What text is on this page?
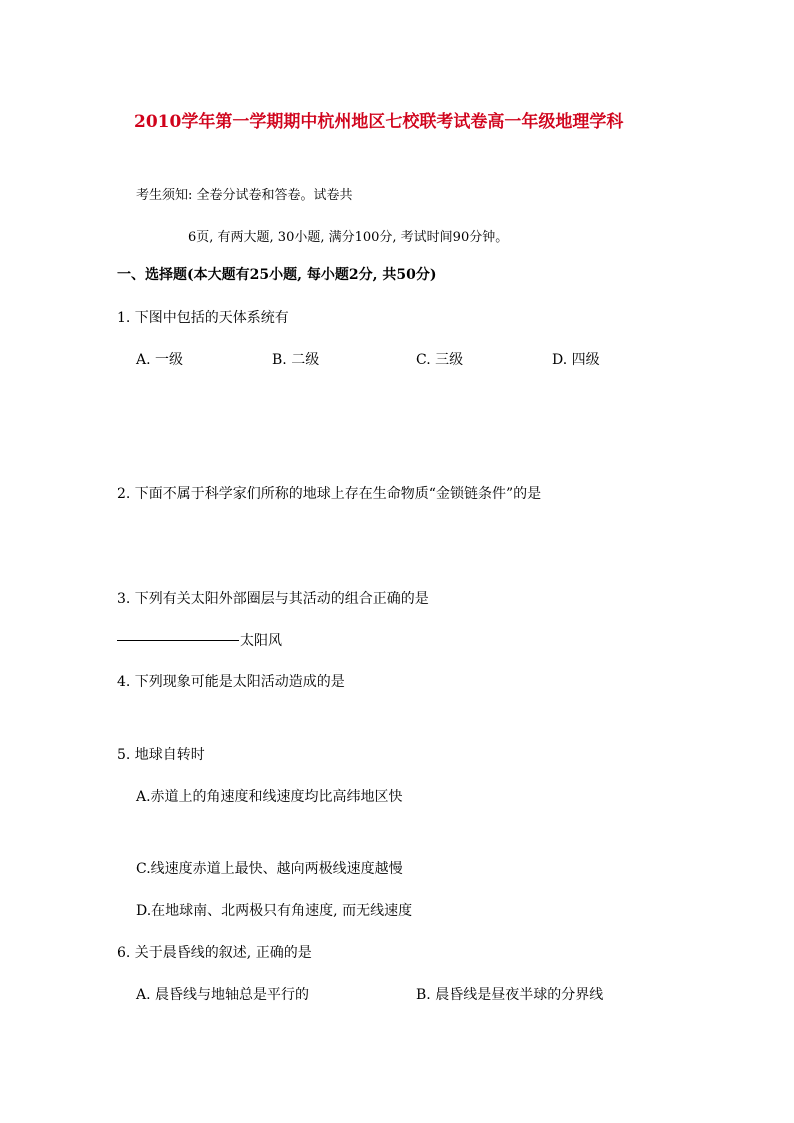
2010学年第一学期期中杭州地区七校联考试卷高一年级地理学科
考生须知: 全卷分试卷和答卷。试卷共
6页, 有两大题, 30小题, 满分100分, 考试时间90分钟。
一、选择题(本大题有25小题, 每小题2分, 共50分)
1. 下图中包括的天体系统有
A. 一级	B. 二级	C. 三级	D. 四级
2. 下面不属于科学家们所称的地球上存在生命物质“金锁链条件”的是
3. 下列有关太阳外部圈层与其活动的组合正确的是
太阳风
4. 下列现象可能是太阳活动造成的是
5. 地球自转时
A.赤道上的角速度和线速度均比高纬地区快
C.线速度赤道上最快、越向两极线速度越慢
D.在地球南、北两极只有角速度, 而无线速度
6. 关于晨昏线的叙述, 正确的是
A. 晨昏线与地轴总是平行的	B. 晨昏线是昼夜半球的分界线
